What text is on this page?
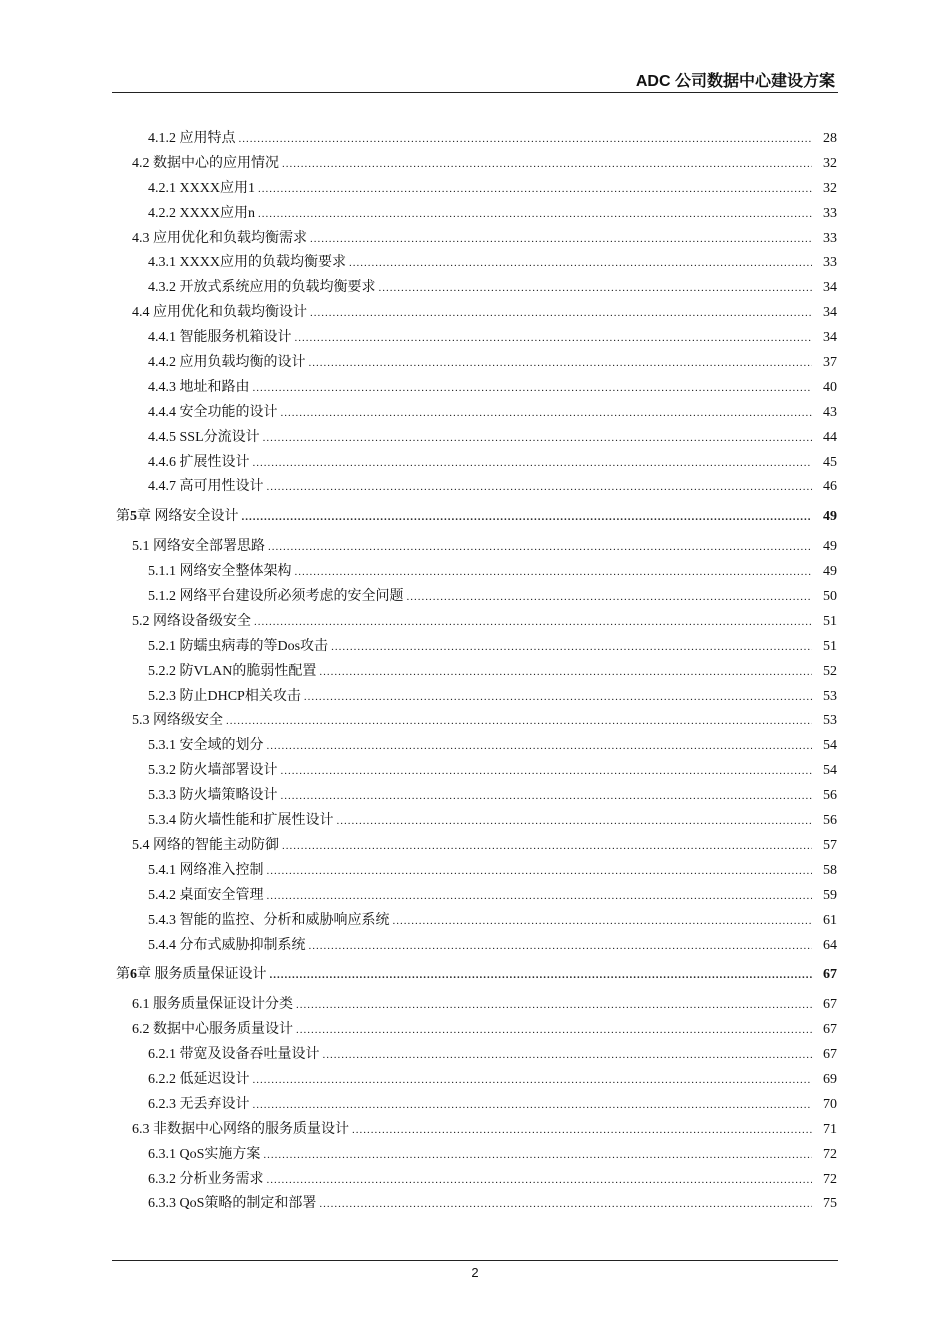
ADC 公司数据中心建设方案
4.1.2 应用特点 .....	28
4.2 数据中心的应用情况 .....	32
4.2.1 XXXX应用1 .....	32
4.2.2 XXXX应用n .....	33
4.3 应用优化和负载均衡需求 .....	33
4.3.1 XXXX应用的负载均衡要求 .....	33
4.3.2 开放式系统应用的负载均衡要求 .....	34
4.4 应用优化和负载均衡设计 .....	34
4.4.1 智能服务机箱设计 .....	34
4.4.2 应用负载均衡的设计 .....	37
4.4.3 地址和路由 .....	40
4.4.4 安全功能的设计 .....	43
4.4.5 SSL分流设计 .....	44
4.4.6 扩展性设计 .....	45
4.4.7 高可用性设计 .....	46
第5章 网络安全设计 .....	49
5.1 网络安全部署思路 .....	49
5.1.1 网络安全整体架构 .....	49
5.1.2 网络平台建设所必须考虑的安全问题 .....	50
5.2 网络设备级安全 .....	51
5.2.1 防蠕虫病毒的等Dos攻击 .....	51
5.2.2 防VLAN的脆弱性配置 .....	52
5.2.3 防止DHCP相关攻击 .....	53
5.3 网络级安全 .....	53
5.3.1 安全域的划分 .....	54
5.3.2 防火墙部署设计 .....	54
5.3.3 防火墙策略设计 .....	56
5.3.4 防火墙性能和扩展性设计 .....	56
5.4 网络的智能主动防御 .....	57
5.4.1 网络准入控制 .....	58
5.4.2 桌面安全管理 .....	59
5.4.3 智能的监控、分析和威胁响应系统 .....	61
5.4.4 分布式威胁抑制系统 .....	64
第6章 服务质量保证设计 .....	67
6.1 服务质量保证设计分类 .....	67
6.2 数据中心服务质量设计 .....	67
6.2.1 带宽及设备吞吐量设计 .....	67
6.2.2 低延迟设计 .....	69
6.2.3 无丢弃设计 .....	70
6.3 非数据中心网络的服务质量设计 .....	71
6.3.1 QoS实施方案 .....	72
6.3.2 分析业务需求 .....	72
6.3.3 QoS策略的制定和部署 .....	75
2
